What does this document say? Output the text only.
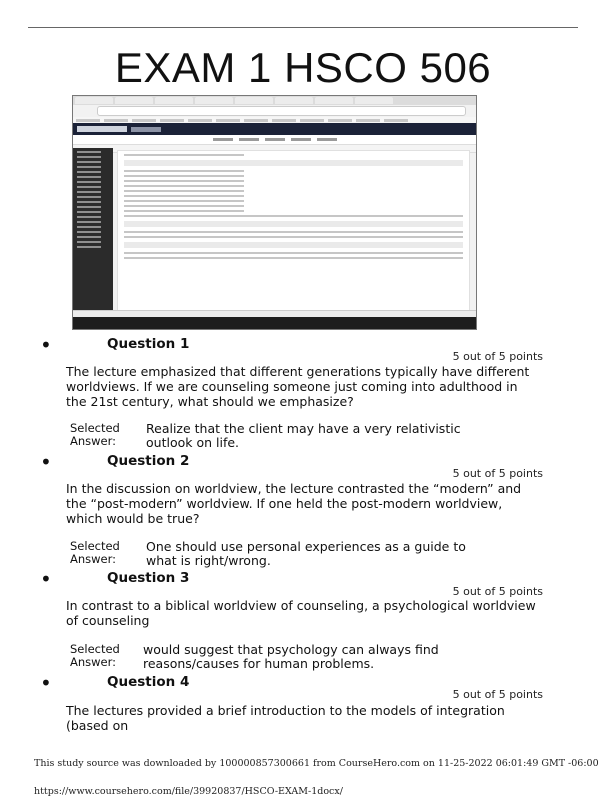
EXAM 1 HSCO 506
•	Question 1
5 out of 5 points
The lecture emphasized that different generations typically have different worldviews. If we are counseling someone just coming into adulthood in the 21st century, what should we emphasize?
Selected Answer:
Realize that the client may have a very relativistic outlook on life.
•	Question 2
5 out of 5 points
In the discussion on worldview, the lecture contrasted the “modern” and the “post-modern” worldview. If one held the post-modern worldview, which would be true?
Selected Answer:
One should use personal experiences as a guide to what is right/wrong.
•	Question 3
5 out of 5 points
In contrast to a biblical worldview of counseling, a psychological worldview of counseling
Selected Answer:
would suggest that psychology can always find reasons/causes for human problems.
•	Question 4
5 out of 5 points
The lectures provided a brief introduction to the models of integration (based on
This study source was downloaded by 100000857300661 from CourseHero.com on 11-25-2022 06:01:49 GMT -06:00
https://www.coursehero.com/file/39920837/HSCO-EXAM-1docx/
